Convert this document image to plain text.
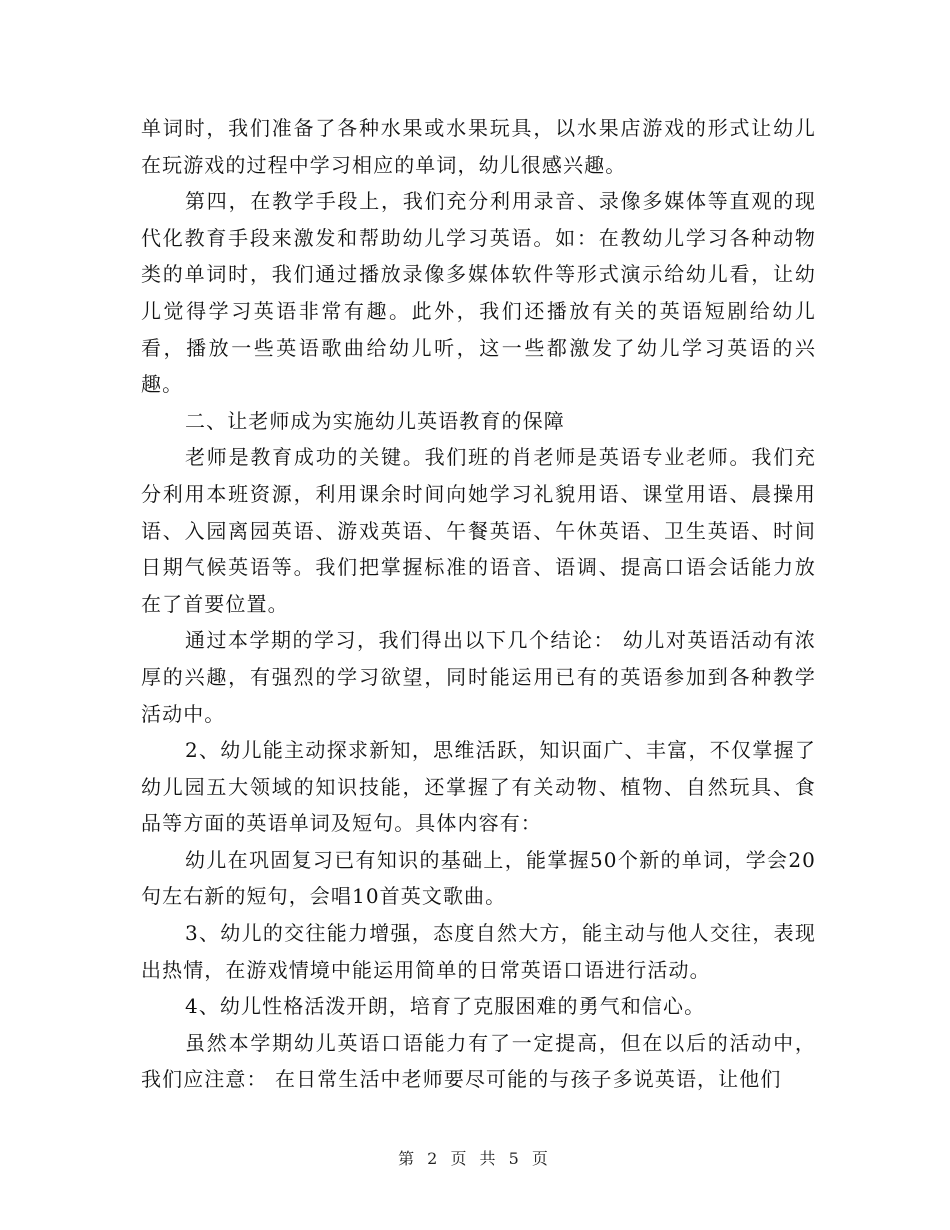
单词时，我们准备了各种水果或水果玩具，以水果店游戏的形式让幼儿在玩游戏的过程中学习相应的单词，幼儿很感兴趣。

第四，在教学手段上，我们充分利用录音、录像多媒体等直观的现代化教育手段来激发和帮助幼儿学习英语。如：在教幼儿学习各种动物类的单词时，我们通过播放录像多媒体软件等形式演示给幼儿看，让幼儿觉得学习英语非常有趣。此外，我们还播放有关的英语短剧给幼儿看，播放一些英语歌曲给幼儿听，这一些都激发了幼儿学习英语的兴趣。

二、让老师成为实施幼儿英语教育的保障

老师是教育成功的关键。我们班的肖老师是英语专业老师。我们充分利用本班资源，利用课余时间向她学习礼貌用语、课堂用语、晨操用语、入园离园英语、游戏英语、午餐英语、午休英语、卫生英语、时间日期气候英语等。我们把掌握标准的语音、语调、提高口语会话能力放在了首要位置。

通过本学期的学习，我们得出以下几个结论： 幼儿对英语活动有浓厚的兴趣，有强烈的学习欲望，同时能运用已有的英语参加到各种教学活动中。

2、幼儿能主动探求新知，思维活跃，知识面广、丰富，不仅掌握了幼儿园五大领域的知识技能，还掌握了有关动物、植物、自然玩具、食品等方面的英语单词及短句。具体内容有：

幼儿在巩固复习已有知识的基础上，能掌握50个新的单词，学会20句左右新的短句，会唱10首英文歌曲。

3、幼儿的交往能力增强，态度自然大方，能主动与他人交往，表现出热情，在游戏情境中能运用简单的日常英语口语进行活动。

4、幼儿性格活泼开朗，培育了克服困难的勇气和信心。

虽然本学期幼儿英语口语能力有了一定提高，但在以后的活动中，我们应注意： 在日常生活中老师要尽可能的与孩子多说英语，让他们

第 2 页 共 5 页
